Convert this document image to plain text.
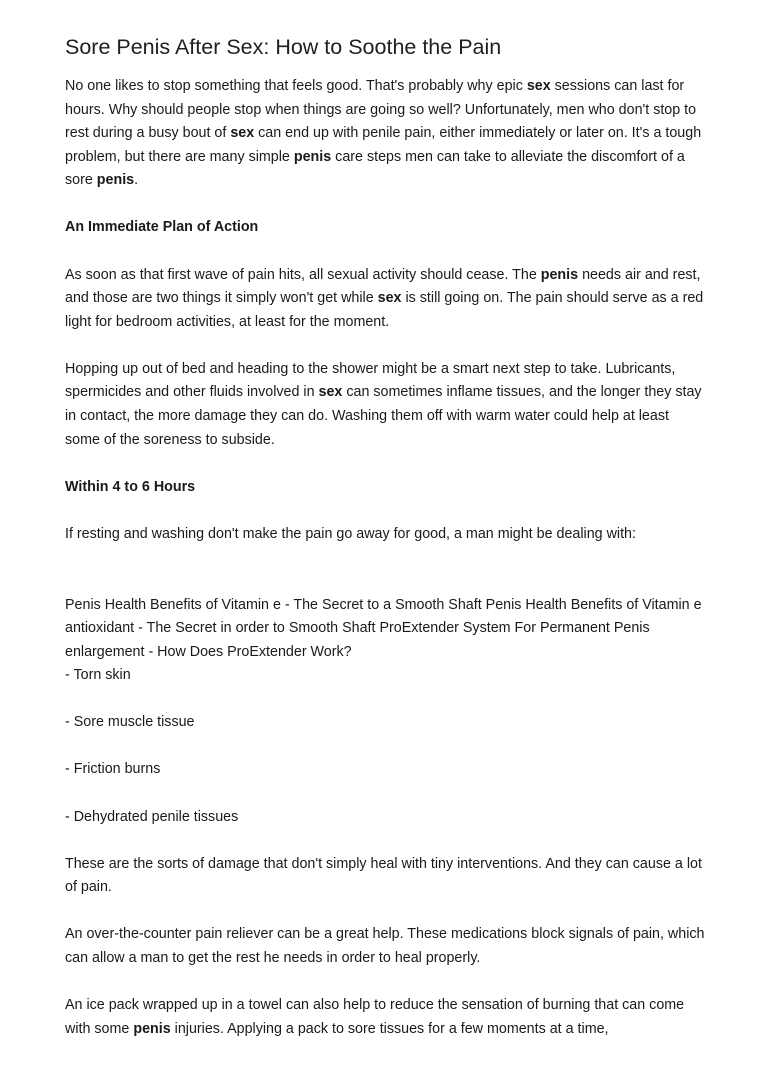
Sore Penis After Sex: How to Soothe the Pain

No one likes to stop something that feels good. That's probably why epic sex sessions can last for hours. Why should people stop when things are going so well? Unfortunately, men who don't stop to rest during a busy bout of sex can end up with penile pain, either immediately or later on. It's a tough problem, but there are many simple penis care steps men can take to alleviate the discomfort of a sore penis.

An Immediate Plan of Action

As soon as that first wave of pain hits, all sexual activity should cease. The penis needs air and rest, and those are two things it simply won't get while sex is still going on. The pain should serve as a red light for bedroom activities, at least for the moment.

Hopping up out of bed and heading to the shower might be a smart next step to take. Lubricants, spermicides and other fluids involved in sex can sometimes inflame tissues, and the longer they stay in contact, the more damage they can do. Washing them off with warm water could help at least some of the soreness to subside.

Within 4 to 6 Hours

If resting and washing don't make the pain go away for good, a man might be dealing with:

Penis Health Benefits of Vitamin e - The Secret to a Smooth Shaft Penis Health Benefits of Vitamin e antioxidant - The Secret in order to Smooth Shaft ProExtender System For Permanent Penis enlargement - How Does ProExtender Work?

- Torn skin

- Sore muscle tissue

- Friction burns

- Dehydrated penile tissues

These are the sorts of damage that don't simply heal with tiny interventions. And they can cause a lot of pain.

An over-the-counter pain reliever can be a great help. These medications block signals of pain, which can allow a man to get the rest he needs in order to heal properly.

An ice pack wrapped up in a towel can also help to reduce the sensation of burning that can come with some penis injuries. Applying a pack to sore tissues for a few moments at a time,
